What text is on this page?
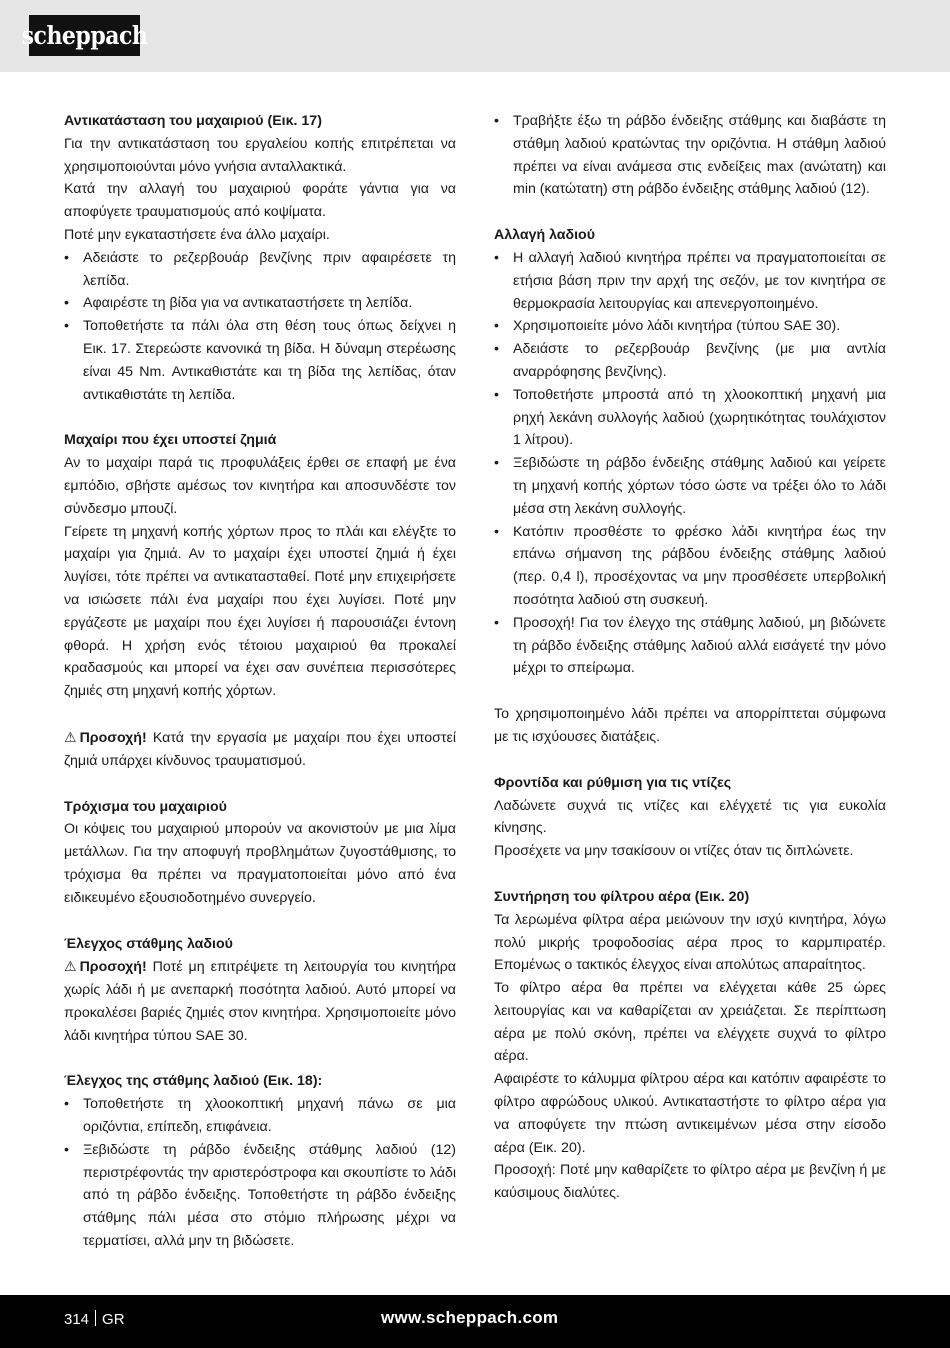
scheppach

Αντικατάσταση του μαχαιριού (Εικ. 17)

Για την αντικατάσταση του εργαλείου κοπής επιτρέπεται να χρησιμοποιούνται μόνο γνήσια ανταλλακτικά.

Κατά την αλλαγή του μαχαιριού φοράτε γάντια για να αποφύγετε τραυματισμούς από κοψίματα.

Ποτέ μην εγκαταστήσετε ένα άλλο μαχαίρι.

• Αδειάστε το ρεζερβουάρ βενζίνης πριν αφαιρέσετε τη λεπίδα.
• Αφαιρέστε τη βίδα για να αντικαταστήσετε τη λεπίδα.
• Τοποθετήστε τα πάλι όλα στη θέση τους όπως δείχνει η Εικ. 17. Στερεώστε κανονικά τη βίδα. Η δύναμη στερέωσης είναι 45 Nm. Αντικαθιστάτε και τη βίδα της λεπίδας, όταν αντικαθιστάτε τη λεπίδα.

Μαχαίρι που έχει υποστεί ζημιά

Αν το μαχαίρι παρά τις προφυλάξεις έρθει σε επαφή με ένα εμπόδιο, σβήστε αμέσως τον κινητήρα και αποσυνδέστε τον σύνδεσμο μπουζί.

Γείρετε τη μηχανή κοπής χόρτων προς το πλάι και ελέγξτε το μαχαίρι για ζημιά. Αν το μαχαίρι έχει υποστεί ζημιά ή έχει λυγίσει, τότε πρέπει να αντικατασταθεί. Ποτέ μην επιχειρήσετε να ισιώσετε πάλι ένα μαχαίρι που έχει λυγίσει. Ποτέ μην εργάζεστε με μαχαίρι που έχει λυγίσει ή παρουσιάζει έντονη φθορά. Η χρήση ενός τέτοιου μαχαιριού θα προκαλεί κραδασμούς και μπορεί να έχει σαν συνέπεια περισσότερες ζημιές στη μηχανή κοπής χόρτων.

⚠ Προσοχή! Κατά την εργασία με μαχαίρι που έχει υποστεί ζημιά υπάρχει κίνδυνος τραυματισμού.

Τρόχισμα του μαχαιριού

Οι κόψεις του μαχαιριού μπορούν να ακονιστούν με μια λίμα μετάλλων. Για την αποφυγή προβλημάτων ζυγοστάθμισης, το τρόχισμα θα πρέπει να πραγματοποιείται μόνο από ένα ειδικευμένο εξουσιοδοτημένο συνεργείο.

Έλεγχος στάθμης λαδιού

⚠ Προσοχή! Ποτέ μη επιτρέψετε τη λειτουργία του κινητήρα χωρίς λάδι ή με ανεπαρκή ποσότητα λαδιού. Αυτό μπορεί να προκαλέσει βαριές ζημιές στον κινητήρα. Χρησιμοποιείτε μόνο λάδι κινητήρα τύπου SAE 30.

Έλεγχος της στάθμης λαδιού (Εικ. 18):

• Τοποθετήστε τη χλοοκοπτική μηχανή πάνω σε μια οριζόντια, επίπεδη, επιφάνεια.
• Ξεβιδώστε τη ράβδο ένδειξης στάθμης λαδιού (12) περιστρέφοντάς την αριστερόστροφα και σκουπίστε το λάδι από τη ράβδο ένδειξης. Τοποθετήστε τη ράβδο ένδειξης στάθμης πάλι μέσα στο στόμιο πλήρωσης μέχρι να τερματίσει, αλλά μην τη βιδώσετε.
• Τραβήξτε έξω τη ράβδο ένδειξης στάθμης και διαβάστε τη στάθμη λαδιού κρατώντας την οριζόντια. Η στάθμη λαδιού πρέπει να είναι ανάμεσα στις ενδείξεις max (ανώτατη) και min (κατώτατη) στη ράβδο ένδειξης στάθμης λαδιού (12).

Αλλαγή λαδιού

• Η αλλαγή λαδιού κινητήρα πρέπει να πραγματοποιείται σε ετήσια βάση πριν την αρχή της σεζόν, με τον κινητήρα σε θερμοκρασία λειτουργίας και απενεργοποιημένο.
• Χρησιμοποιείτε μόνο λάδι κινητήρα (τύπου SAE 30).
• Αδειάστε το ρεζερβουάρ βενζίνης (με μια αντλία αναρρόφησης βενζίνης).
• Τοποθετήστε μπροστά από τη χλοοκοπτική μηχανή μια ρηχή λεκάνη συλλογής λαδιού (χωρητικότητας τουλάχιστον 1 λίτρου).
• Ξεβιδώστε τη ράβδο ένδειξης στάθμης λαδιού και γείρετε τη μηχανή κοπής χόρτων τόσο ώστε να τρέξει όλο το λάδι μέσα στη λεκάνη συλλογής.
• Κατόπιν προσθέστε το φρέσκο λάδι κινητήρα έως την επάνω σήμανση της ράβδου ένδειξης στάθμης λαδιού (περ. 0,4 l), προσέχοντας να μην προσθέσετε υπερβολική ποσότητα λαδιού στη συσκευή.
• Προσοχή! Για τον έλεγχο της στάθμης λαδιού, μη βιδώνετε τη ράβδο ένδειξης στάθμης λαδιού αλλά εισάγετέ την μόνο μέχρι το σπείρωμα.

Το χρησιμοποιημένο λάδι πρέπει να απορρίπτεται σύμφωνα με τις ισχύουσες διατάξεις.

Φροντίδα και ρύθμιση για τις ντίζες

Λαδώνετε συχνά τις ντίζες και ελέγχετέ τις για ευκολία κίνησης.

Προσέχετε να μην τσακίσουν οι ντίζες όταν τις διπλώνετε.

Συντήρηση του φίλτρου αέρα (Εικ. 20)

Τα λερωμένα φίλτρα αέρα μειώνουν την ισχύ κινητήρα, λόγω πολύ μικρής τροφοδοσίας αέρα προς το καρμπιρατέρ. Επομένως ο τακτικός έλεγχος είναι απολύτως απαραίτητος.

Το φίλτρο αέρα θα πρέπει να ελέγχεται κάθε 25 ώρες λειτουργίας και να καθαρίζεται αν χρειάζεται. Σε περίπτωση αέρα με πολύ σκόνη, πρέπει να ελέγχετε συχνά το φίλτρο αέρα.

Αφαιρέστε το κάλυμμα φίλτρου αέρα και κατόπιν αφαιρέστε το φίλτρο αφρώδους υλικού. Αντικαταστήστε το φίλτρο αέρα για να αποφύγετε την πτώση αντικειμένων μέσα στην είσοδο αέρα (Εικ. 20).

Προσοχή: Ποτέ μην καθαρίζετε το φίλτρο αέρα με βενζίνη ή με καύσιμους διαλύτες.

314 GR	www.scheppach.com
